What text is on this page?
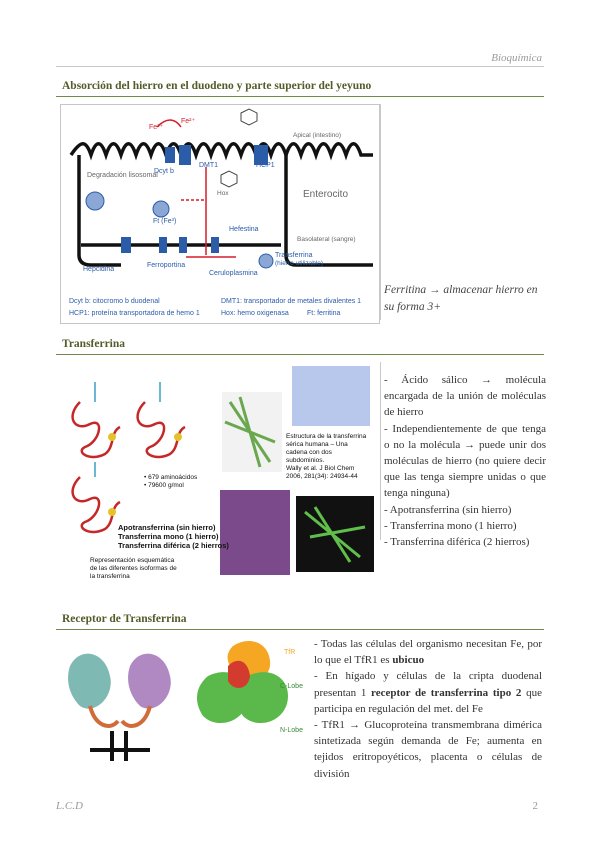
Bioquímica
Absorción del hierro en el duodeno y parte superior del yeyuno
Fe³⁺
Fe²⁺
Dcyt b
DMT1	HCP1
Apical (intestino)
Enterocito
Degradación lisosomal
Hox
Ft (Fe³)
Hefestina
Basolateral (sangre)
Hepcidina
Ferroportina
Ceruloplasmina
Transferrina
(hierro utilizable)
Dcyt b: citocromo b duodenal
HCP1: proteína transportadora de hemo 1
DMT1: transportador de metales divalentes 1
Hox: hemo oxigenasa	Ft: ferritina
Ferritina → almacenar hierro en su forma 3+
Transferrina
Estructura de la transferrina sérica humana – Una cadena con dos subdominios. Wally et al. J Biol Chem 2006, 281(34): 24934-44
• 679 aminoácidos
• 79600 g/mol
Apotransferrina (sin hierro)
Transferrina mono (1 hierro)
Transferrina diférica (2 hierros)
Representación esquemática de las diferentes isoformas de la transferrina

- Ácido sálico → molécula encargada de la unión de moléculas de hierro

- Independientemente de que tenga o no la molécula → puede unir dos moléculas de hierro (no quiere decir que las tenga siempre unidas o que tenga ninguna)

- Apotransferrina (sin hierro)

- Transferrina mono (1 hierro)

- Transferrina diférica (2 hierros)

Receptor de Transferrina
TfR
C-Lobe
N-Lobe

- Todas las células del organismo necesitan Fe, por lo que el TfR1 es ubicuo

- En hígado y células de la cripta duodenal presentan 1 receptor de transferrina tipo 2 que participa en regulación del met. del Fe

- TfR1 → Glucoproteína transmembrana dimérica sintetizada según demanda de Fe; aumenta en tejidos eritropoyéticos, placenta o células de división

L.C.D	2
